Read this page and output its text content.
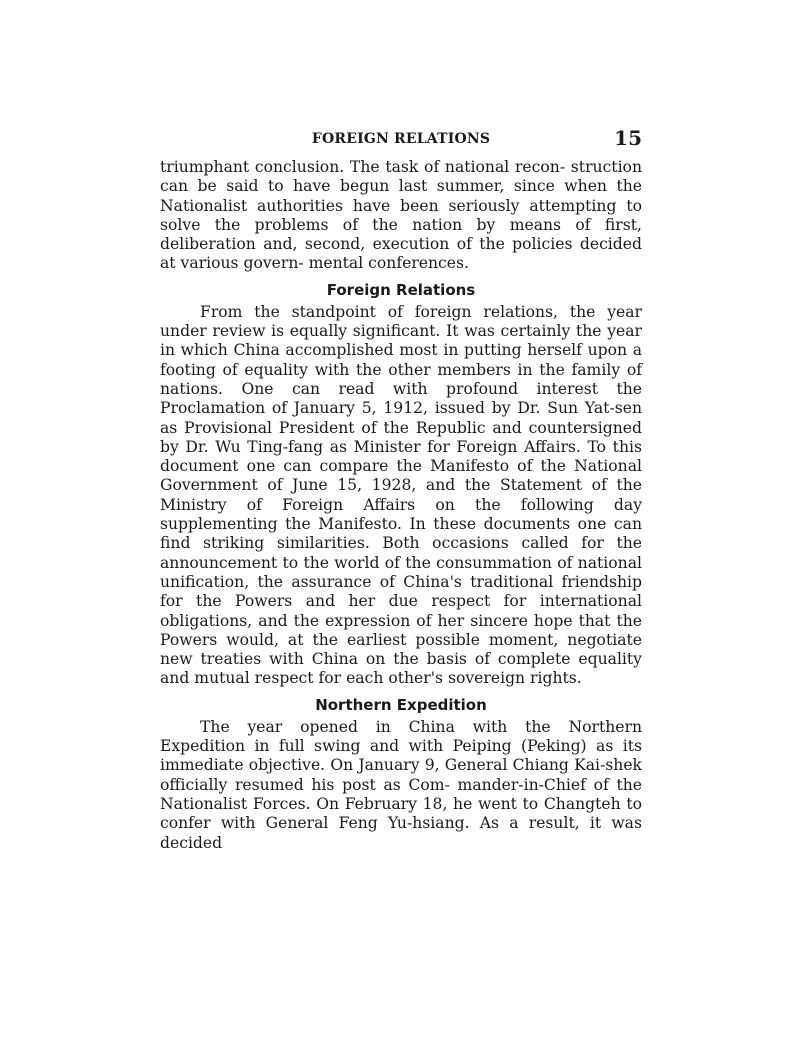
FOREIGN RELATIONS	15

triumphant conclusion. The task of national recon- struction can be said to have begun last summer, since when the Nationalist authorities have been seriously attempting to solve the problems of the nation by means of first, deliberation and, second, execution of the policies decided at various govern- mental conferences.

Foreign Relations

From the standpoint of foreign relations, the year under review is equally significant. It was certainly the year in which China accomplished most in putting herself upon a footing of equality with the other members in the family of nations. One can read with profound interest the Proclamation of January 5, 1912, issued by Dr. Sun Yat-sen as Provisional President of the Republic and countersigned by Dr. Wu Ting-fang as Minister for Foreign Affairs. To this document one can compare the Manifesto of the National Government of June 15, 1928, and the Statement of the Ministry of Foreign Affairs on the following day supplementing the Manifesto. In these documents one can find striking similarities. Both occasions called for the announcement to the world of the consummation of national unification, the assurance of China's traditional friendship for the Powers and her due respect for international obligations, and the expression of her sincere hope that the Powers would, at the earliest possible moment, negotiate new treaties with China on the basis of complete equality and mutual respect for each other's sovereign rights.

Northern Expedition

The year opened in China with the Northern Expedition in full swing and with Peiping (Peking) as its immediate objective. On January 9, General Chiang Kai-shek officially resumed his post as Com- mander-in-Chief of the Nationalist Forces. On February 18, he went to Changteh to confer with General Feng Yu-hsiang. As a result, it was decided
